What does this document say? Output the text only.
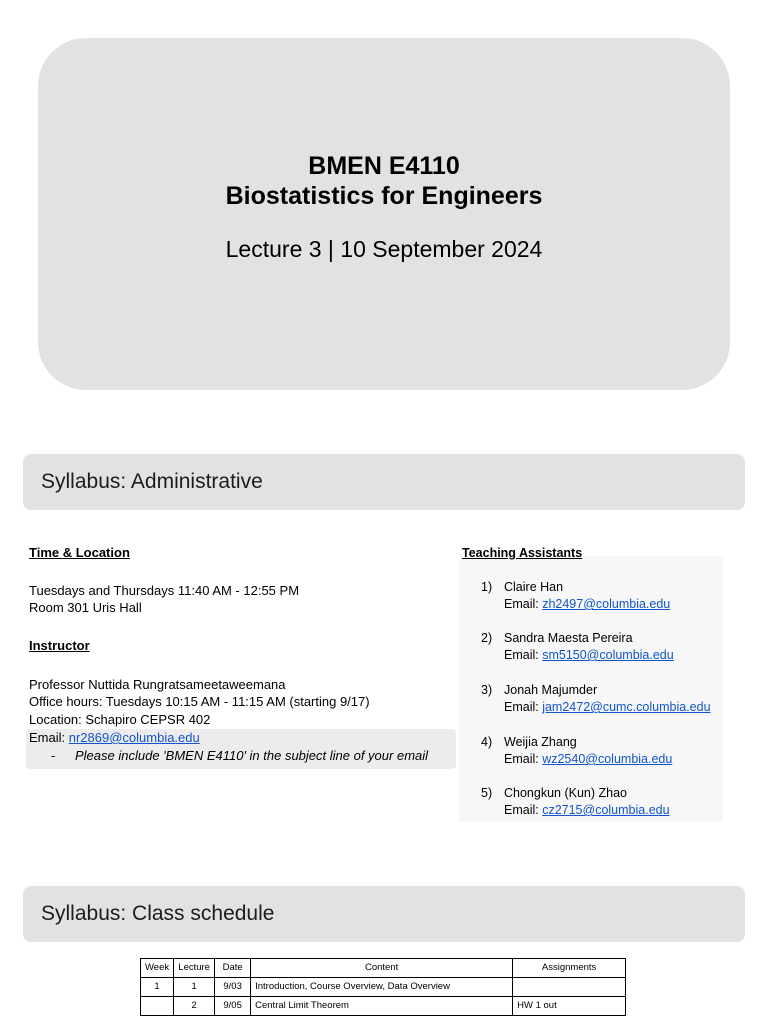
BMEN E4110
Biostatistics for Engineers
Lecture 3 | 10 September 2024
Syllabus: Administrative
Time & Location
Tuesdays and Thursdays 11:40 AM - 12:55 PM
Room 301 Uris Hall
Instructor
Professor Nuttida Rungratsameetaweemana
Office hours: Tuesdays 10:15 AM - 11:15 AM (starting 9/17)
Location: Schapiro CEPSR 402
Email: nr2869@columbia.edu
- Please include 'BMEN E4110' in the subject line of your email
Teaching Assistants
1) Claire Han
Email: zh2497@columbia.edu
2) Sandra Maesta Pereira
Email: sm5150@columbia.edu
3) Jonah Majumder
Email: jam2472@cumc.columbia.edu
4) Weijia Zhang
Email: wz2540@columbia.edu
5) Chongkun (Kun) Zhao
Email: cz2715@columbia.edu
Syllabus: Class schedule
Week	Lecture	Date	Content	Assignments
1	1	9/03	Introduction, Course Overview, Data Overview	
	2	9/05	Central Limit Theorem	HW 1 out
